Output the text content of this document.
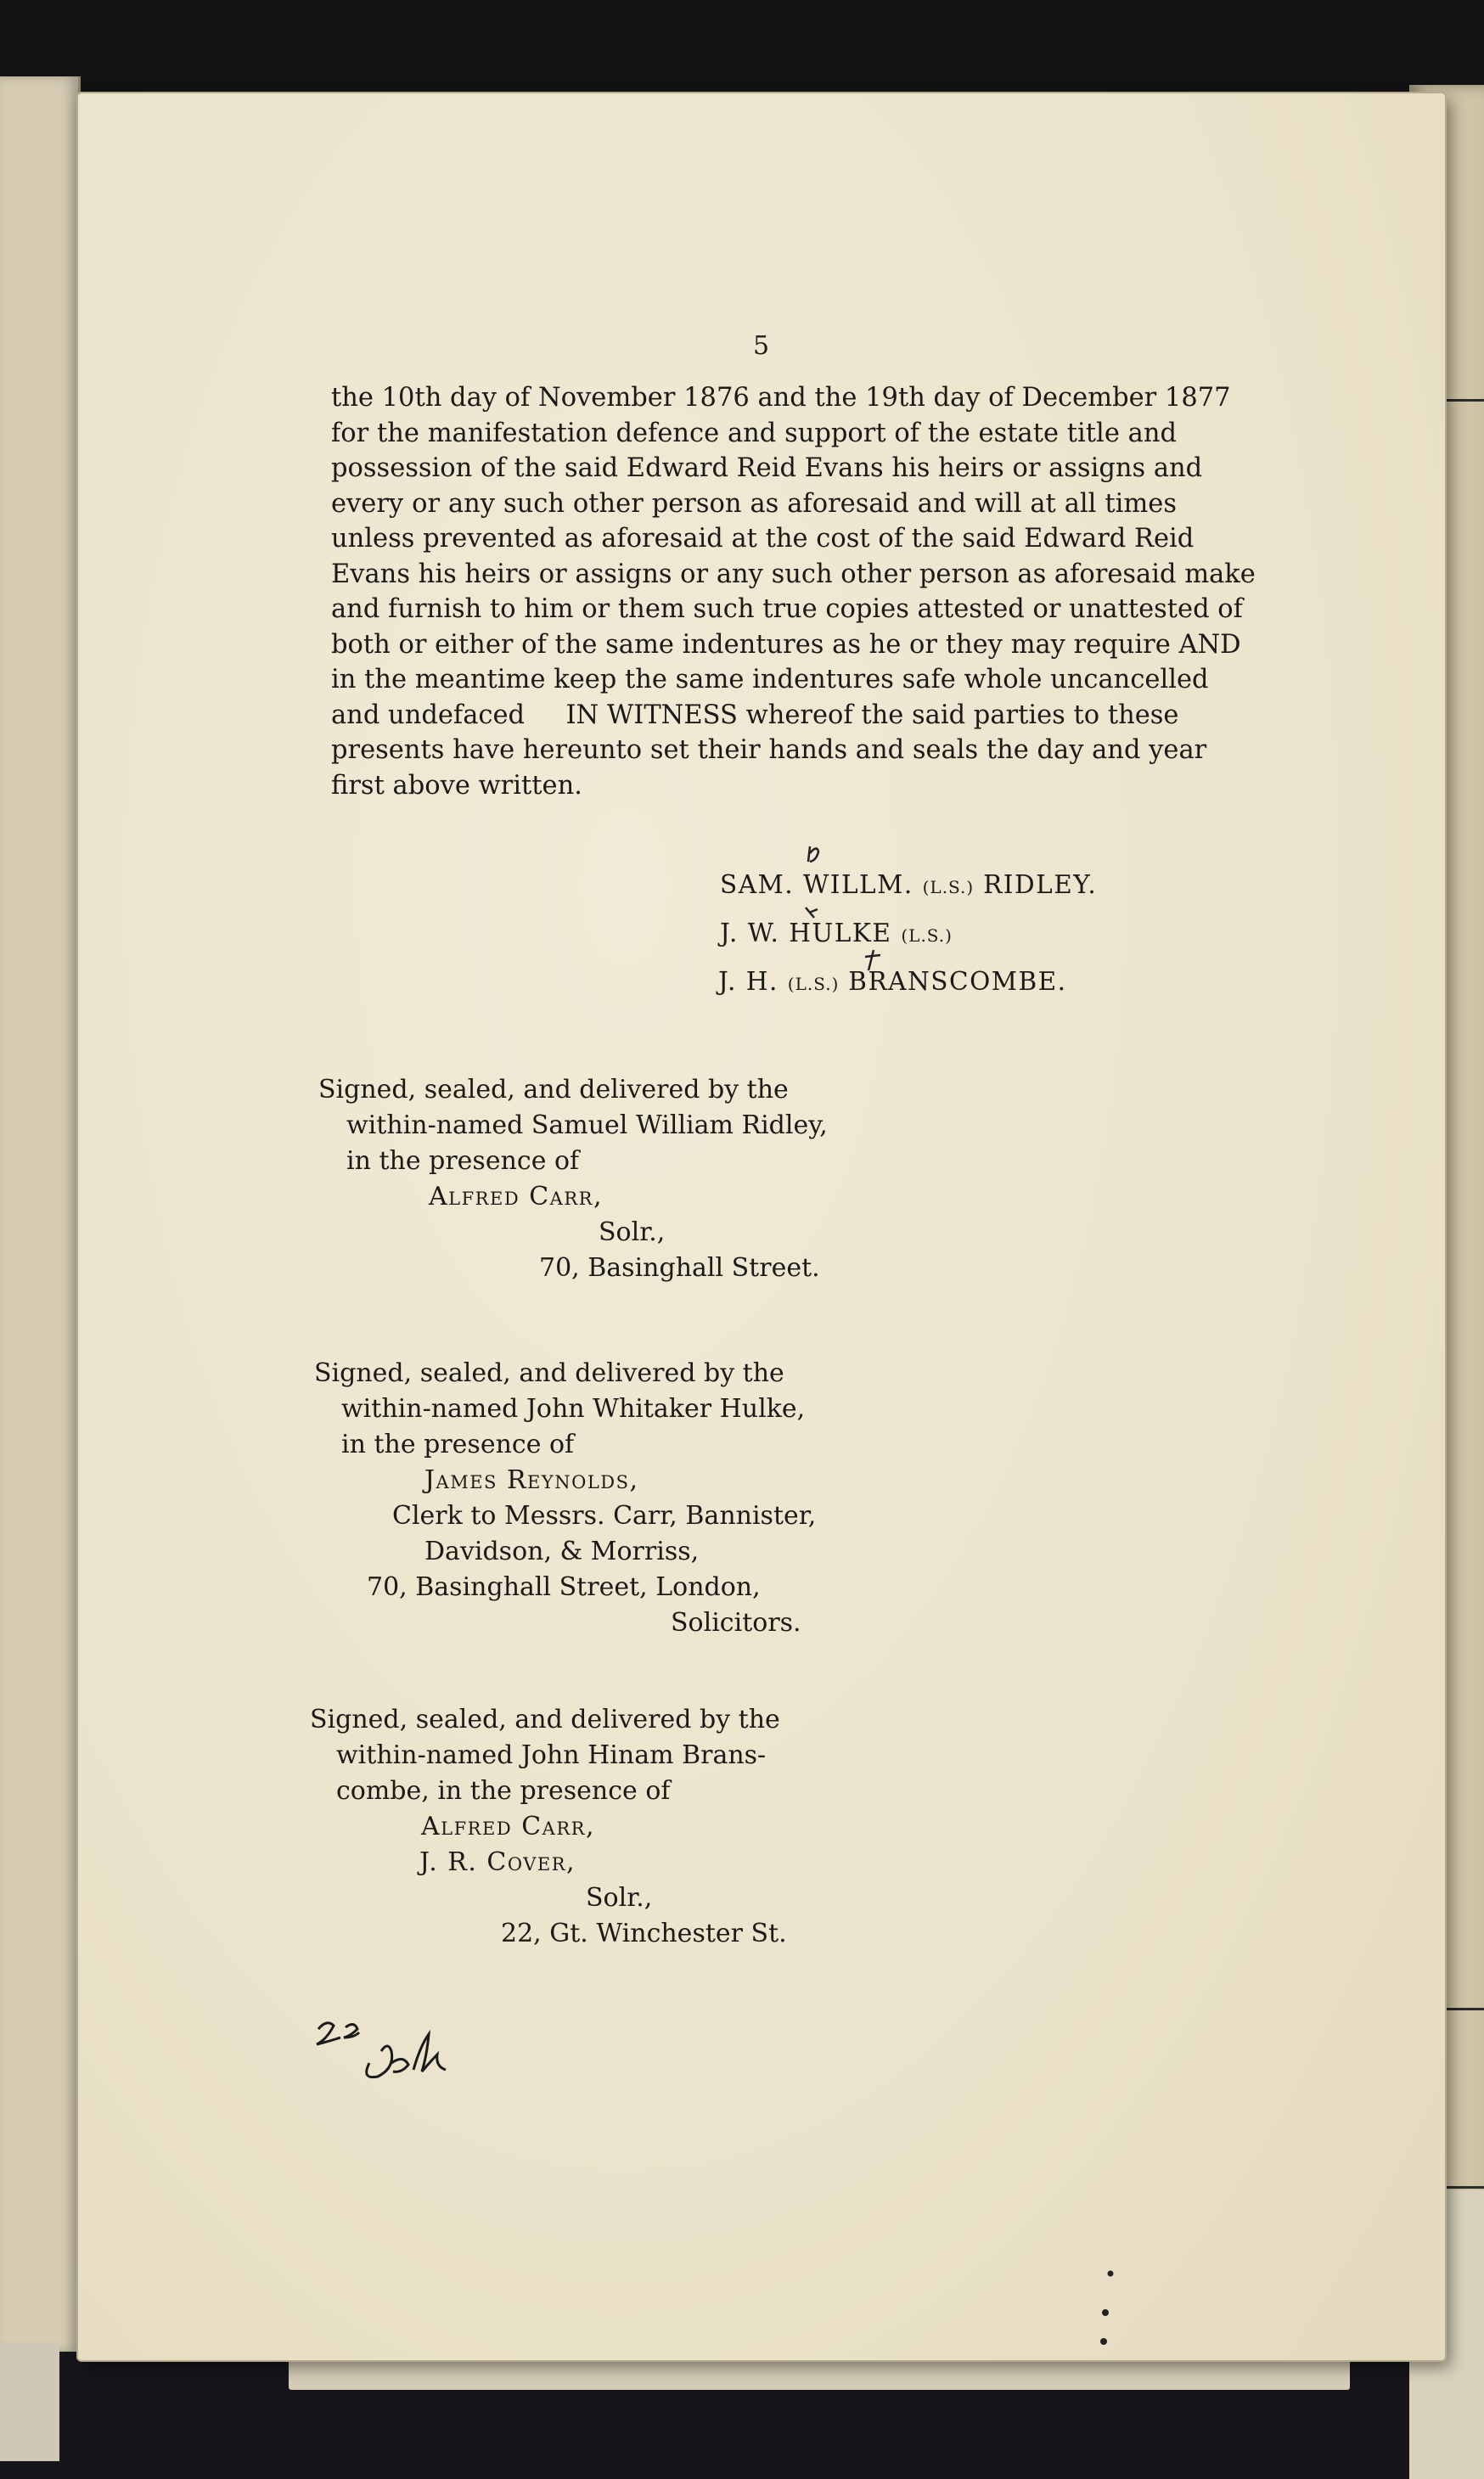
5

the 10th day of November 1876 and the 19th day of December 1877
for the manifestation defence and support of the estate title and
possession of the said Edward Reid Evans his heirs or assigns and
every or any such other person as aforesaid and will at all times
unless prevented as aforesaid at the cost of the said Edward Reid
Evans his heirs or assigns or any such other person as aforesaid make
and furnish to him or them such true copies attested or unattested of
both or either of the same indentures as he or they may require AND
in the meantime keep the same indentures safe whole uncancelled
and undefaced     IN WITNESS whereof the said parties to these
presents have hereunto set their hands and seals the day and year
first above written.

SAM. WILLM. (L.S.) RIDLEY.

J. W. HULKE (L.S.)

J. H. (L.S.) BRANSCOMBE.

Signed, sealed, and delivered by the

within-named Samuel William Ridley,

in the presence of

Alfred Carr,

Solr.,

70, Basinghall Street.

Signed, sealed, and delivered by the

within-named John Whitaker Hulke,

in the presence of

James Reynolds,

Clerk to Messrs. Carr, Bannister,

Davidson, & Morriss,

70, Basinghall Street, London,

Solicitors.

Signed, sealed, and delivered by the

within-named John Hinam Brans-

combe, in the presence of

Alfred Carr,

J. R. Cover,

Solr.,

22, Gt. Winchester St.
